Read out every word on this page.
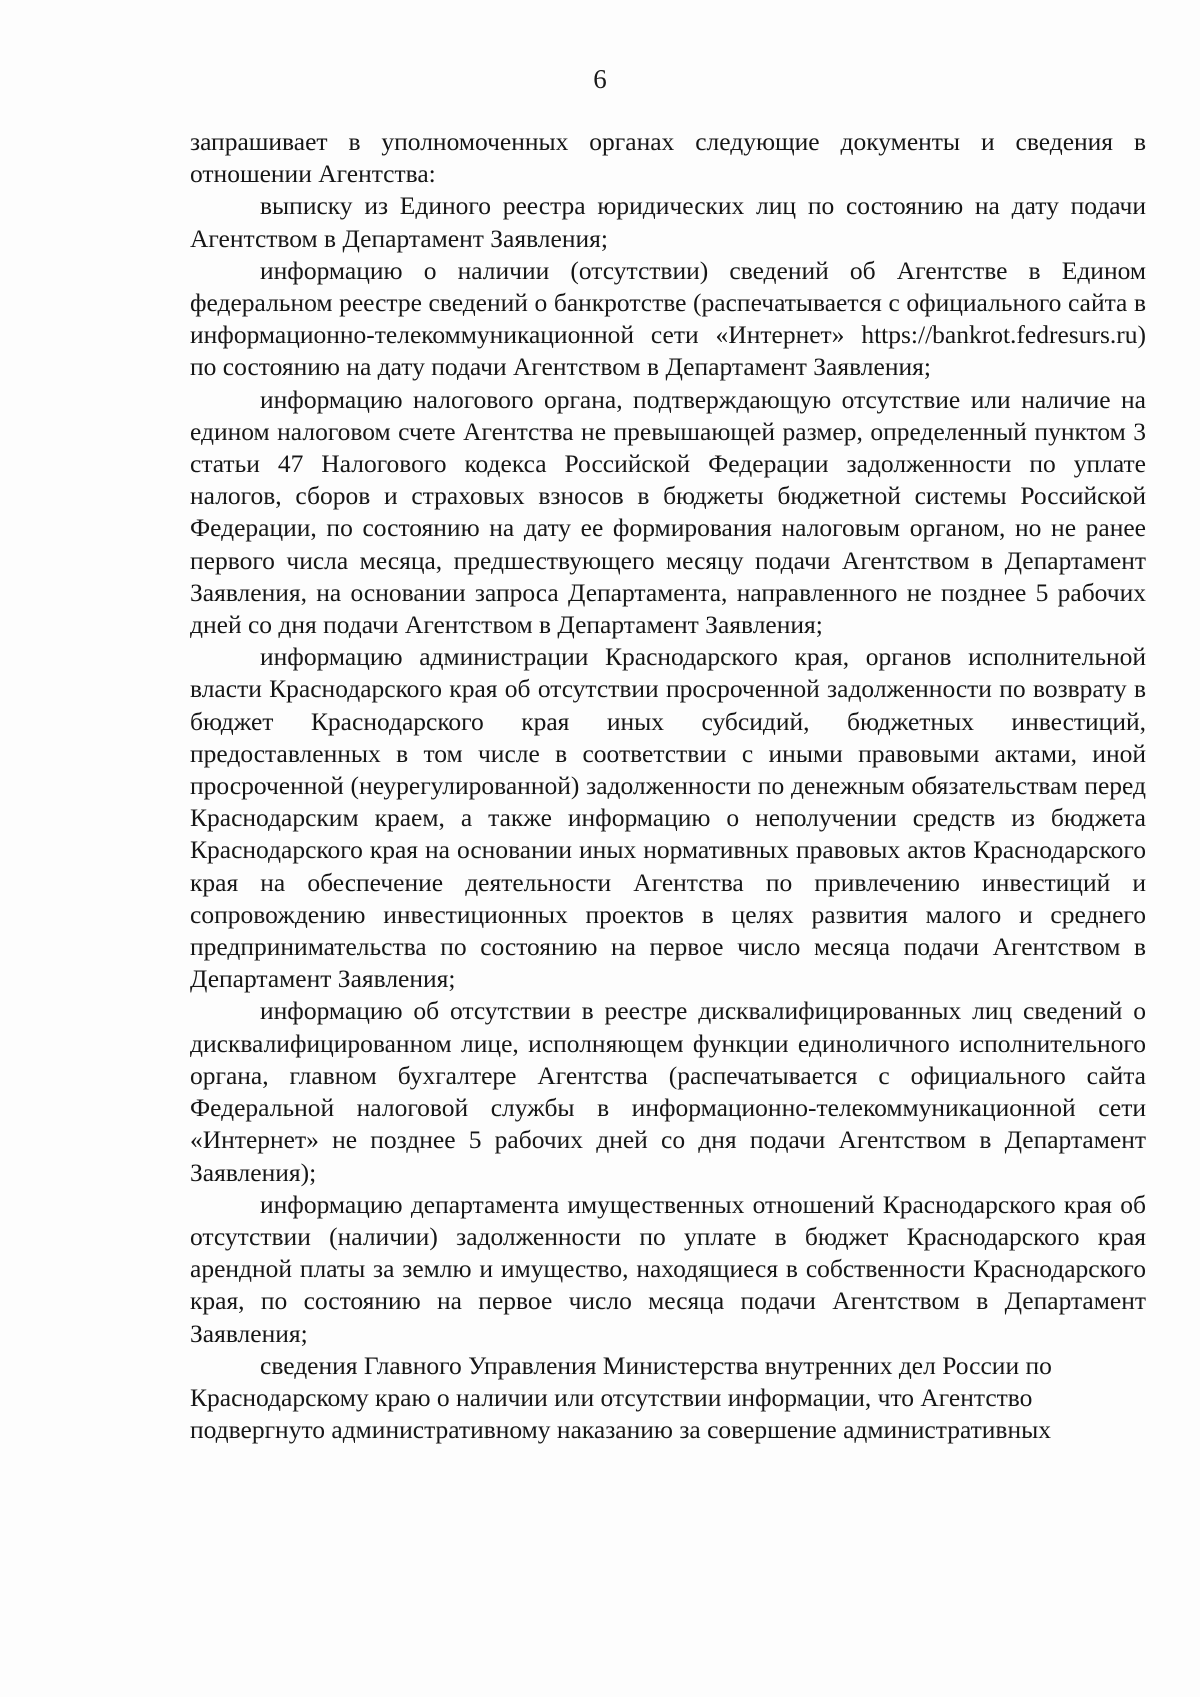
6

запрашивает в уполномоченных органах следующие документы и сведения в отношении Агентства:

выписку из Единого реестра юридических лиц по состоянию на дату подачи Агентством в Департамент Заявления;

информацию о наличии (отсутствии) сведений об Агентстве в Едином федеральном реестре сведений о банкротстве (распечатывается с официального сайта в информационно-телекоммуникационной сети «Интернет» https://bankrot.fedresurs.ru) по состоянию на дату подачи Агентством в Департамент Заявления;

информацию налогового органа, подтверждающую отсутствие или наличие на едином налоговом счете Агентства не превышающей размер, определенный пунктом 3 статьи 47 Налогового кодекса Российской Федерации задолженности по уплате налогов, сборов и страховых взносов в бюджеты бюджетной системы Российской Федерации, по состоянию на дату ее формирования налоговым органом, но не ранее первого числа месяца, предшествующего месяцу подачи Агентством в Департамент Заявления, на основании запроса Департамента, направленного не позднее 5 рабочих дней со дня подачи Агентством в Департамент Заявления;

информацию администрации Краснодарского края, органов исполнительной власти Краснодарского края об отсутствии просроченной задолженности по возврату в бюджет Краснодарского края иных субсидий, бюджетных инвестиций, предоставленных в том числе в соответствии с иными правовыми актами, иной просроченной (неурегулированной) задолженности по денежным обязательствам перед Краснодарским краем, а также информацию о неполучении средств из бюджета Краснодарского края на основании иных нормативных правовых актов Краснодарского края на обеспечение деятельности Агентства по привлечению инвестиций и сопровождению инвестиционных проектов в целях развития малого и среднего предпринимательства по состоянию на первое число месяца подачи Агентством в Департамент Заявления;

информацию об отсутствии в реестре дисквалифицированных лиц сведений о дисквалифицированном лице, исполняющем функции единоличного исполнительного органа, главном бухгалтере Агентства (распечатывается с официального сайта Федеральной налоговой службы в информационно-телекоммуникационной сети «Интернет» не позднее 5 рабочих дней со дня подачи Агентством в Департамент Заявления);

информацию департамента имущественных отношений Краснодарского края об отсутствии (наличии) задолженности по уплате в бюджет Краснодарского края арендной платы за землю и имущество, находящиеся в собственности Краснодарского края, по состоянию на первое число месяца подачи Агентством в Департамент Заявления;

сведения Главного Управления Министерства внутренних дел России по Краснодарскому краю о наличии или отсутствии информации, что Агентство подвергнуто административному наказанию за совершение административных
